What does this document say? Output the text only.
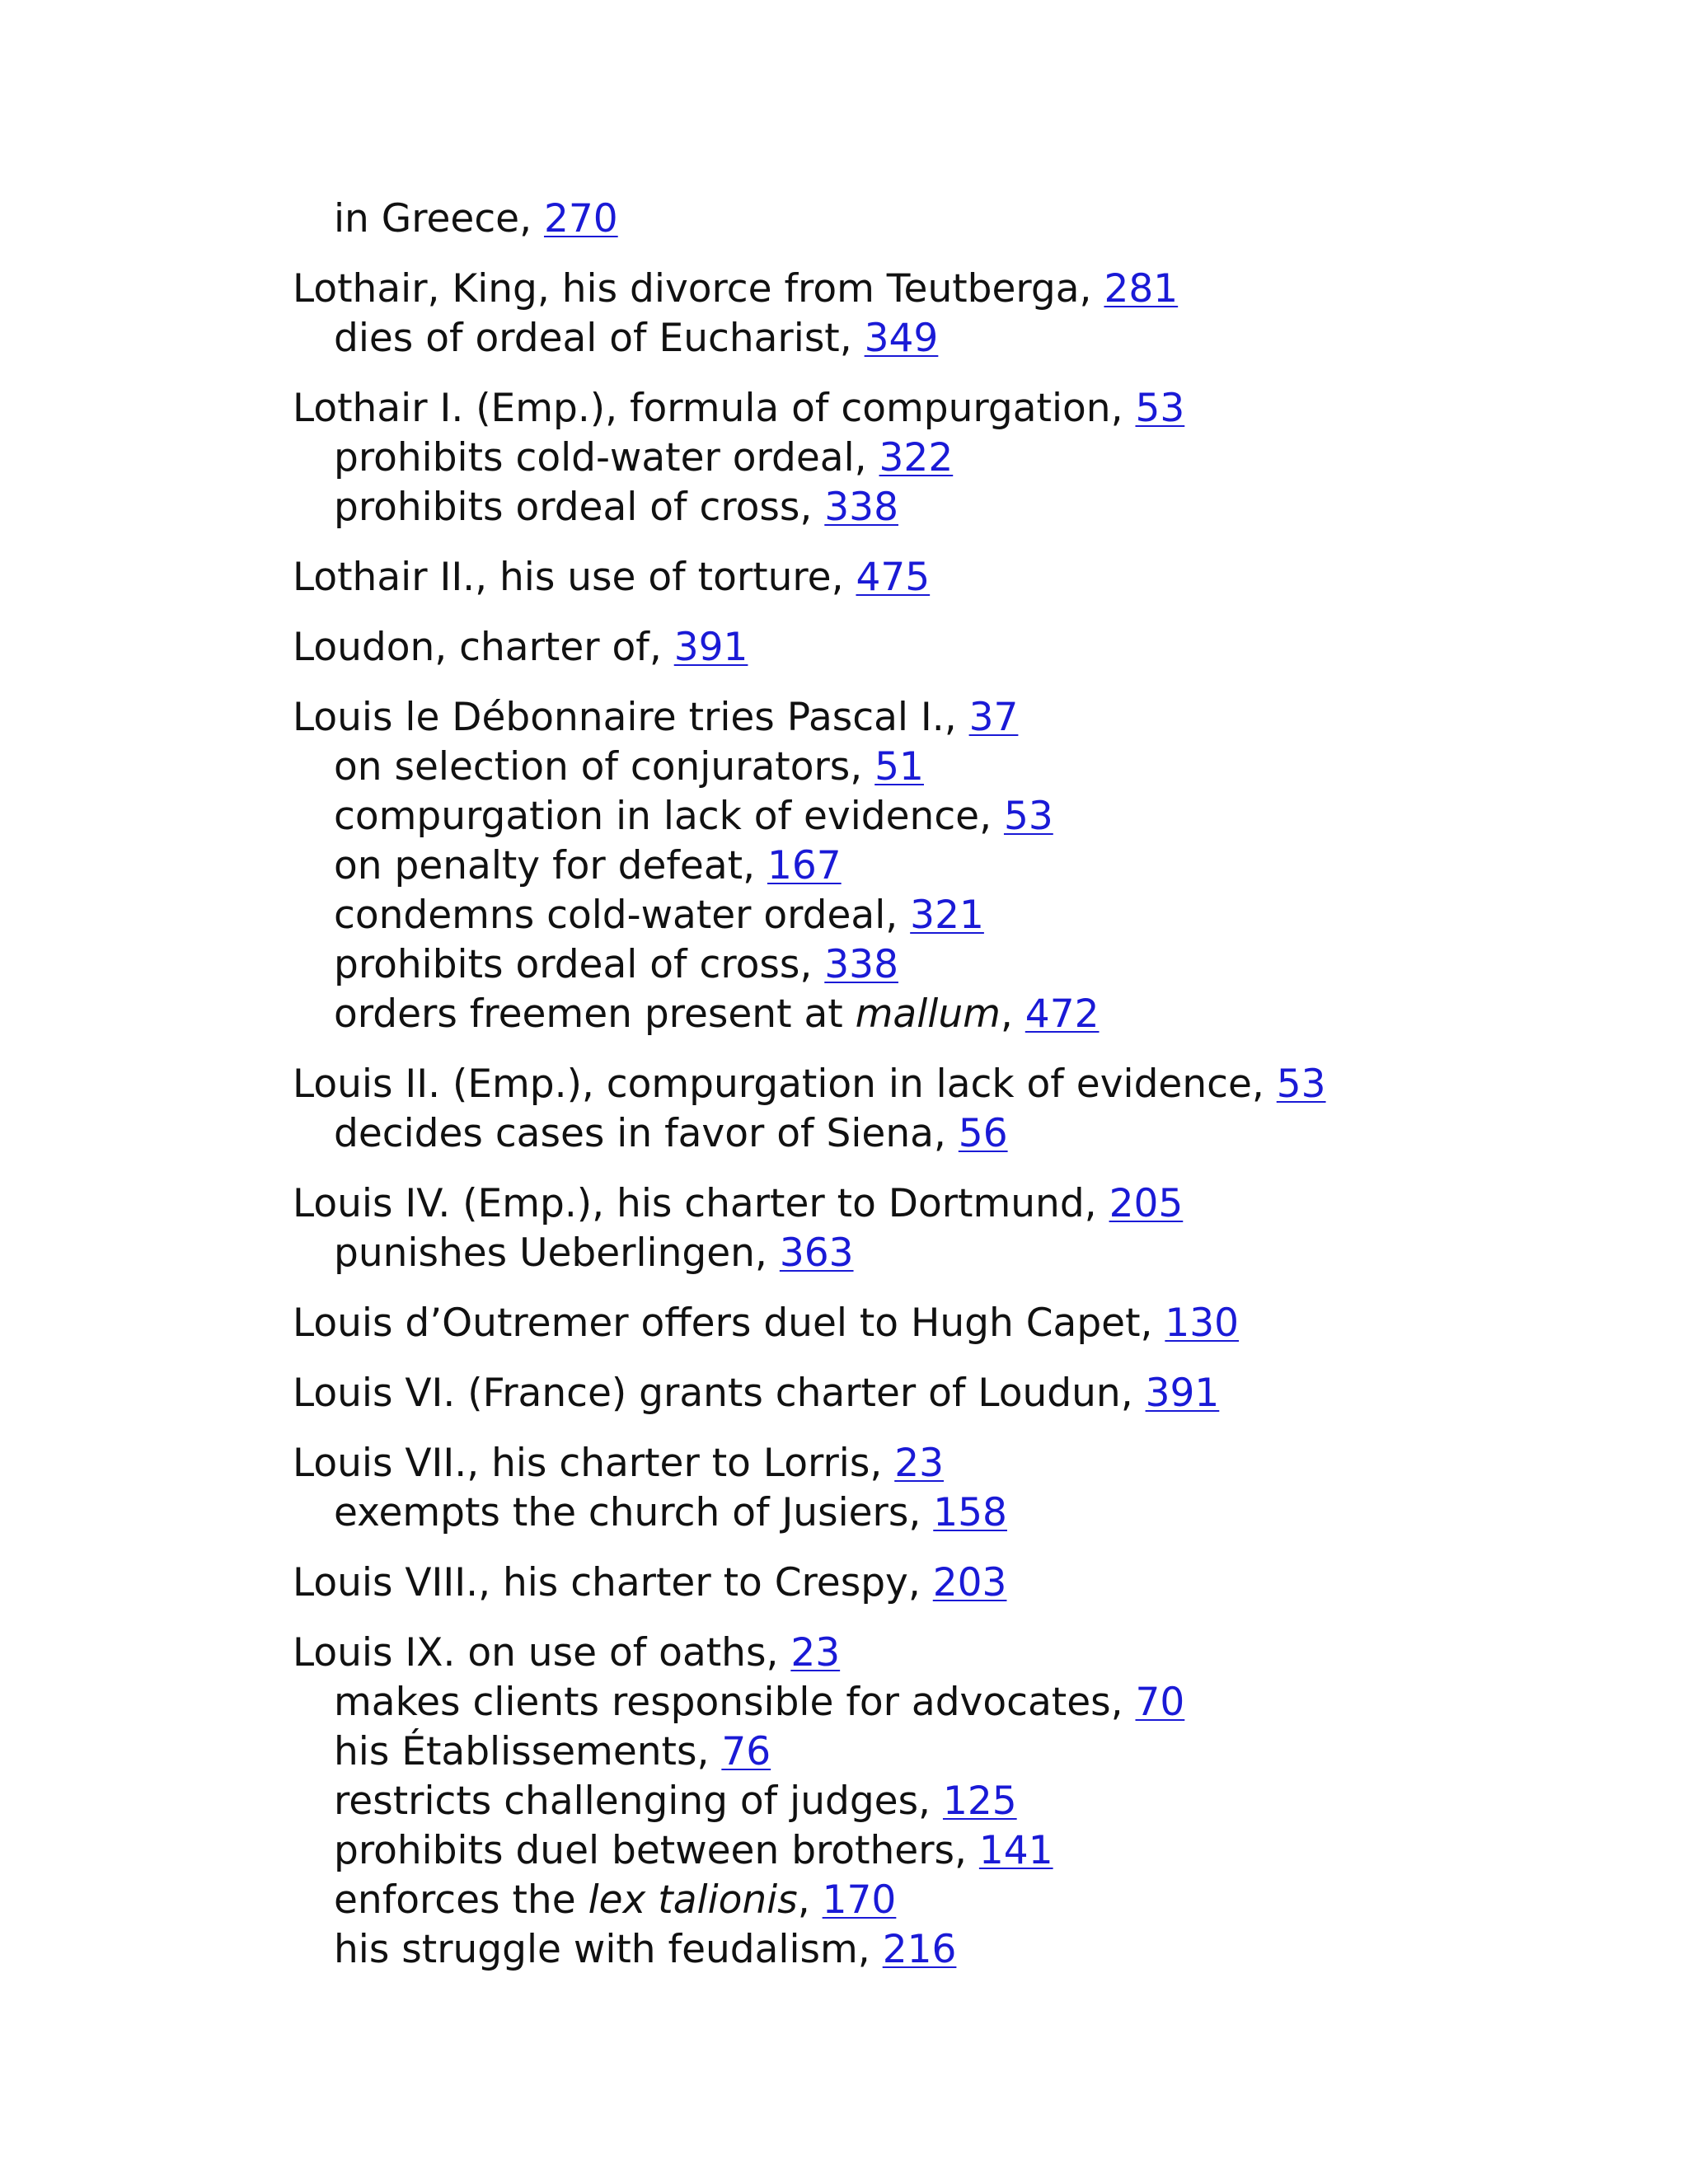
in Greece, 270
Lothair, King, his divorce from Teutberga, 281
dies of ordeal of Eucharist, 349
Lothair I. (Emp.), formula of compurgation, 53
prohibits cold-water ordeal, 322
prohibits ordeal of cross, 338
Lothair II., his use of torture, 475
Loudon, charter of, 391
Louis le Débonnaire tries Pascal I., 37
on selection of conjurators, 51
compurgation in lack of evidence, 53
on penalty for defeat, 167
condemns cold-water ordeal, 321
prohibits ordeal of cross, 338
orders freemen present at mallum, 472
Louis II. (Emp.), compurgation in lack of evidence, 53
decides cases in favor of Siena, 56
Louis IV. (Emp.), his charter to Dortmund, 205
punishes Ueberlingen, 363
Louis d’Outremer offers duel to Hugh Capet, 130
Louis VI. (France) grants charter of Loudun, 391
Louis VII., his charter to Lorris, 23
exempts the church of Jusiers, 158
Louis VIII., his charter to Crespy, 203
Louis IX. on use of oaths, 23
makes clients responsible for advocates, 70
his Établissements, 76
restricts challenging of judges, 125
prohibits duel between brothers, 141
enforces the lex talionis, 170
his struggle with feudalism, 216
